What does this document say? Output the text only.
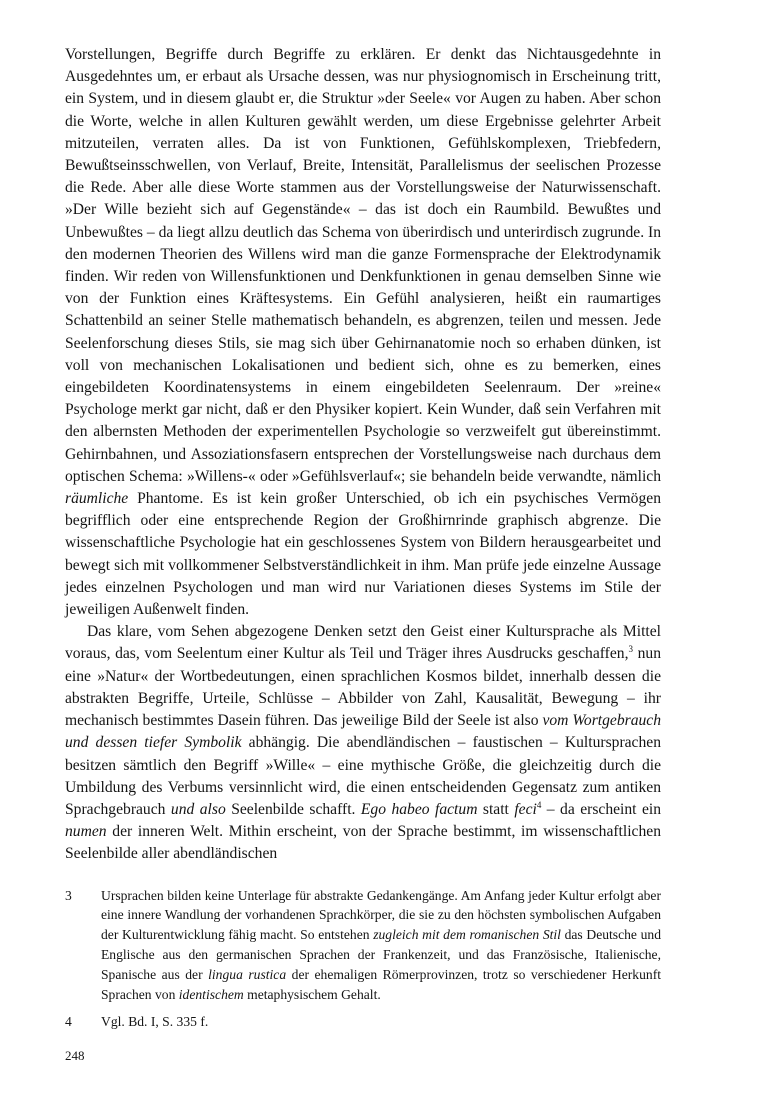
Vorstellungen, Begriffe durch Begriffe zu erklären. Er denkt das Nichtausgedehnte in Ausgedehntes um, er erbaut als Ursache dessen, was nur physiognomisch in Erscheinung tritt, ein System, und in diesem glaubt er, die Struktur »der Seele« vor Augen zu haben. Aber schon die Worte, welche in allen Kulturen gewählt werden, um diese Ergebnisse gelehrter Arbeit mitzuteilen, verraten alles. Da ist von Funktionen, Gefühlskomplexen, Triebfedern, Bewußtseinsschwellen, von Verlauf, Breite, Intensität, Parallelismus der seelischen Prozesse die Rede. Aber alle diese Worte stammen aus der Vorstellungsweise der Naturwissenschaft. »Der Wille bezieht sich auf Gegenstände« – das ist doch ein Raumbild. Bewußtes und Unbewußtes – da liegt allzu deutlich das Schema von überirdisch und unterirdisch zugrunde. In den modernen Theorien des Willens wird man die ganze Formensprache der Elektrodynamik finden. Wir reden von Willensfunktionen und Denkfunktionen in genau demselben Sinne wie von der Funktion eines Kräftesystems. Ein Gefühl analysieren, heißt ein raumartiges Schattenbild an seiner Stelle mathematisch behandeln, es abgrenzen, teilen und messen. Jede Seelenforschung dieses Stils, sie mag sich über Gehirnanatomie noch so erhaben dünken, ist voll von mechanischen Lokalisationen und bedient sich, ohne es zu bemerken, eines eingebildeten Koordinatensystems in einem eingebildeten Seelenraum. Der »reine« Psychologe merkt gar nicht, daß er den Physiker kopiert. Kein Wunder, daß sein Verfahren mit den albernsten Methoden der experimentellen Psychologie so verzweifelt gut übereinstimmt. Gehirnbahnen, und Assoziationsfasern entsprechen der Vorstellungsweise nach durchaus dem optischen Schema: »Willens-« oder »Gefühlsverlauf«; sie behandeln beide verwandte, nämlich räumliche Phantome. Es ist kein großer Unterschied, ob ich ein psychisches Vermögen begrifflich oder eine entsprechende Region der Großhirnrinde graphisch abgrenze. Die wissenschaftliche Psychologie hat ein geschlossenes System von Bildern herausgearbeitet und bewegt sich mit vollkommener Selbstverständlichkeit in ihm. Man prüfe jede einzelne Aussage jedes einzelnen Psychologen und man wird nur Variationen dieses Systems im Stile der jeweiligen Außenwelt finden.

Das klare, vom Sehen abgezogene Denken setzt den Geist einer Kultursprache als Mittel voraus, das, vom Seelentum einer Kultur als Teil und Träger ihres Ausdrucks geschaffen,$^3$ nun eine »Natur« der Wortbedeutungen, einen sprachlichen Kosmos bildet, innerhalb dessen die abstrakten Begriffe, Urteile, Schlüsse – Abbilder von Zahl, Kausalität, Bewegung – ihr mechanisch bestimmtes Dasein führen. Das jeweilige Bild der Seele ist also vom Wortgebrauch und dessen tiefer Symbolik abhängig. Die abendländischen – faustischen – Kultursprachen besitzen sämtlich den Begriff »Wille« – eine mythische Größe, die gleichzeitig durch die Umbildung des Verbums versinnlicht wird, die einen entscheidenden Gegensatz zum antiken Sprachgebrauch und also Seelenbilde schafft. Ego habeo factum statt feci$^4$ – da erscheint ein numen der inneren Welt. Mithin erscheint, von der Sprache bestimmt, im wissenschaftlichen Seelenbilde aller abendländischen

3	Ursprachen bilden keine Unterlage für abstrakte Gedankengänge. Am Anfang jeder Kultur erfolgt aber eine innere Wandlung der vorhandenen Sprachkörper, die sie zu den höchsten symbolischen Aufgaben der Kulturentwicklung fähig macht. So entstehen zugleich mit dem romanischen Stil das Deutsche und Englische aus den germanischen Sprachen der Frankenzeit, und das Französische, Italienische, Spanische aus der lingua rustica der ehemaligen Römerprovinzen, trotz so verschiedener Herkunft Sprachen von identischem metaphysischem Gehalt.
4	Vgl. Bd. I, S. 335 f.
248
